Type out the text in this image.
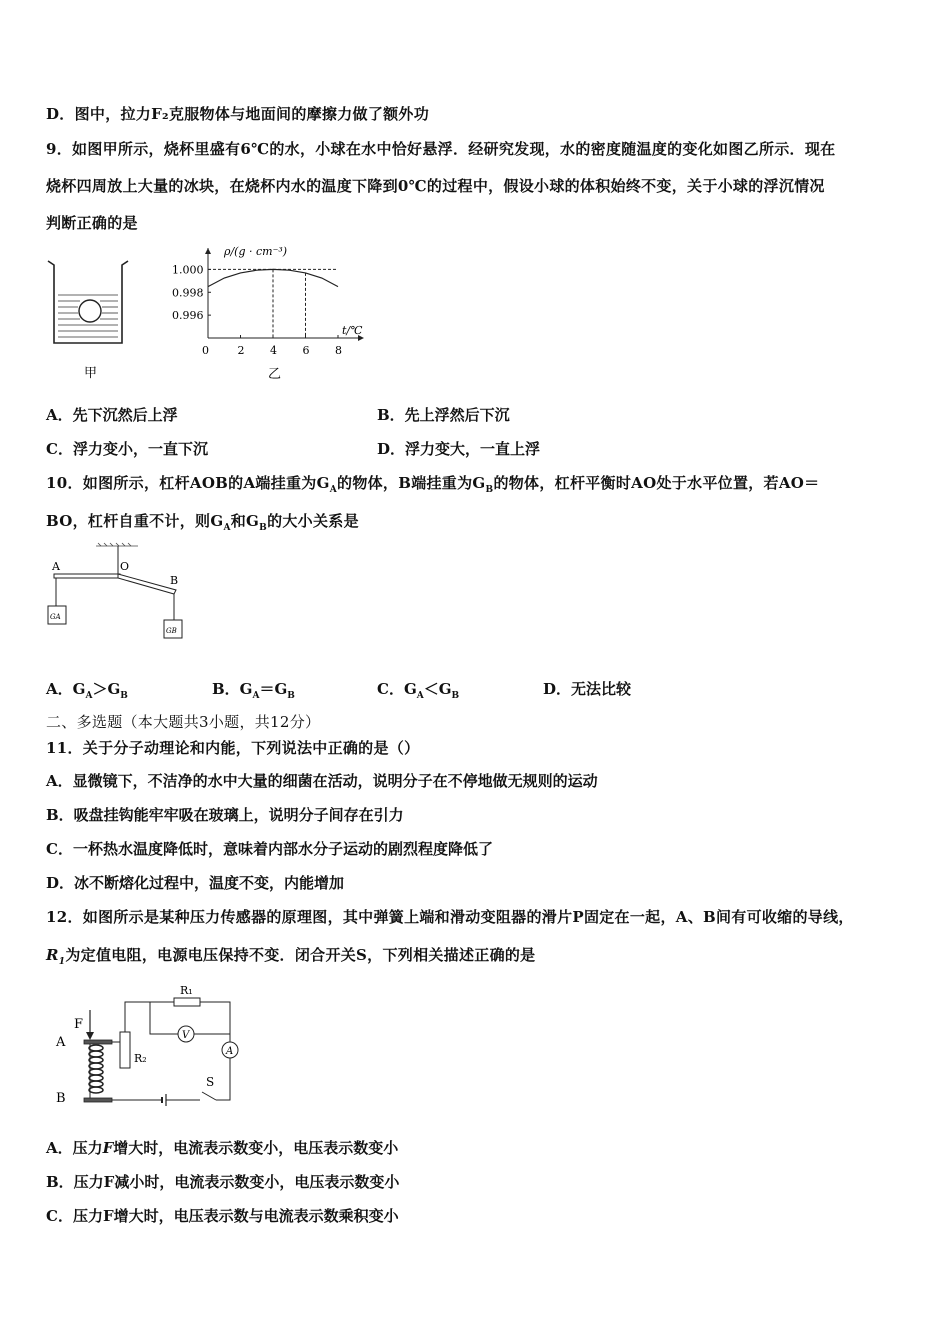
D．图中，拉力F₂克服物体与地面间的摩擦力做了额外功
9．如图甲所示，烧杯里盛有6℃的水，小球在水中恰好悬浮．经研究发现，水的密度随温度的变化如图乙所示．现在
烧杯四周放上大量的冰块，在烧杯内水的温度下降到0℃的过程中，假设小球的体积始终不变，关于小球的浮沉情况
判断正确的是
甲
0	2 4 6 8
1.000
0.998
0.996
ρ/(g · cm⁻³)
t/℃
乙
A．先下沉然后上浮	B．先上浮然后下沉
C．浮力变小，一直下沉	D．浮力变大，一直上浮
10．如图所示，杠杆AOB的A端挂重为$G_A$的物体，B端挂重为$G_B$的物体，杠杆平衡时AO处于水平位置，若AO＝
BO，杠杆自重不计，则$G_A$和$G_B$的大小关系是
A	O
B
GA
GB
A．$G_A>G_B$	B．$G_A=G_B$	C．$G_A<G_B$	D．无法比较
二、多选题（本大题共3小题，共12分）
11．关于分子动理论和内能，下列说法中正确的是（）
A．显微镜下，不洁净的水中大量的细菌在活动，说明分子在不停地做无规则的运动
B．吸盘挂钩能牢牢吸在玻璃上，说明分子间存在引力
C．一杯热水温度降低时，意味着内部水分子运动的剧烈程度降低了
D．冰不断熔化过程中，温度不变，内能增加
12．如图所示是某种压力传感器的原理图，其中弹簧上端和滑动变阻器的滑片P固定在一起，A、B间有可收缩的导线，
$R_1$为定值电阻，电源电压保持不变．闭合开关S，下列相关描述正确的是
F
A
B
R₂
R₁
V
A
S
A．压力F增大时，电流表示数变小，电压表示数变小
B．压力F减小时，电流表示数变小，电压表示数变小
C．压力F增大时，电压表示数与电流表示数乘积变小
